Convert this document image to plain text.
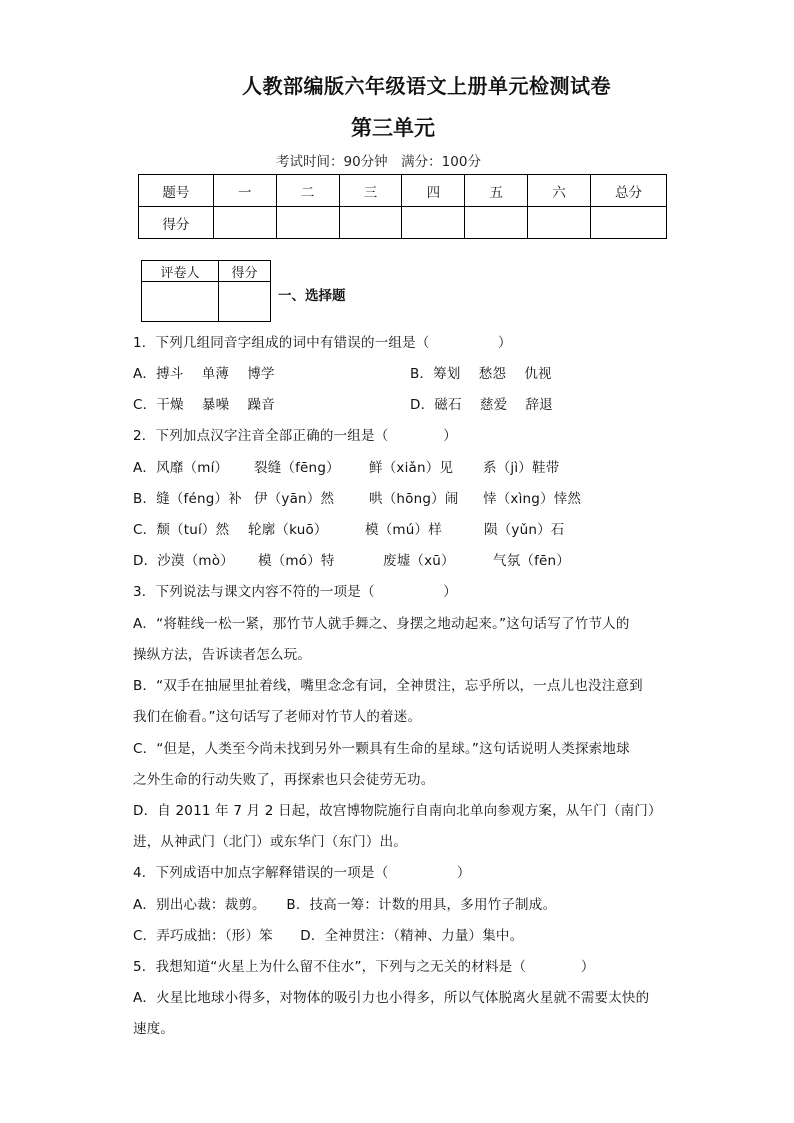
人教部编版六年级语文上册单元检测试卷
第三单元
考试时间：90分钟　满分：100分
题号	一	二	三	四	五	六	总分
得分							
评卷人	得分

一、选择题
1．下列几组同音字组成的词中有错误的一组是（　　　　　）
A．搏斗　 单薄　 博学	B．筹划　 愁怨　 仇视
C．干燥　 暴噪　 躁音	D．磁石　 慈爱　 辞退
2．下列加点汉字注音全部正确的一组是（　　　　）
A．风靡（mí） 裂缝（fēng） 鲜（xiǎn）见 系（jì）鞋带
B．缝（féng）补 伊（yān）然	哄（hōng）闹 悻（xìng）悻然
C．颓（tuí）然 轮廓（kuō）	模（mú）样	陨（yǔn）石
D．沙漠（mò） 模（mó）特	废墟（xū）	气氛（fēn）
3．下列说法与课文内容不符的一项是（　　　　　）
A．“将鞋线一松一紧，那竹节人就手舞之、身摆之地动起来。”这句话写了竹节人的
操纵方法，告诉读者怎么玩。
B．“双手在抽屉里扯着线，嘴里念念有词，全神贯注，忘乎所以，一点儿也没注意到
我们在偷看。”这句话写了老师对竹节人的着迷。
C．“但是，人类至今尚未找到另外一颗具有生命的星球。”这句话说明人类探索地球
之外生命的行动失败了，再探索也只会徒劳无功。
D．自 2011 年 7 月 2 日起，故宫博物院施行自南向北单向参观方案，从午门（南门）
进，从神武门（北门）或东华门（东门）出。
4．下列成语中加点字解释错误的一项是（　　　　　）
A．别出心裁：裁剪。　　B．技高一筹：计数的用具，多用竹子制成。
C．弄巧成拙：（形）笨　　D．全神贯注：（精神、力量）集中。
5．我想知道“火星上为什么留不住水”，下列与之无关的材料是（　　　　）
A．火星比地球小得多，对物体的吸引力也小得多，所以气体脱离火星就不需要太快的
速度。
